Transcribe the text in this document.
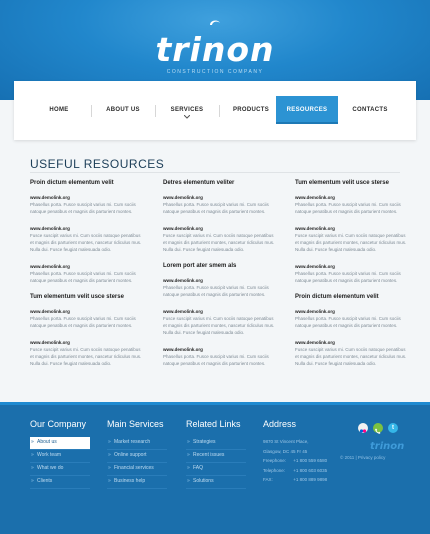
trinon
CONSTRUCTION COMPANY
HOME	ABOUT US	SERVICES	PRODUCTS	RESOURCES	CONTACTS
USEFUL RESOURCES
Proin dictum elementum velit
www.demolink.org
Phasellus porta. Fusce suscipit varius mi. Cum sociis natoque penatibus et magnis dis parturient montes.
www.demolink.org
Fusce suscipit varius mi. Cum sociis natoque penatibus et magnis dis parturient montes, nascetur ridiculus mus. Nulla dui. Fusce feugiat malesuada odio.
www.demolink.org
Phasellus porta. Fusce suscipit varius mi. Cum sociis natoque penatibus et magnis dis parturient montes.
Tum elementum velit usce sterse
www.demolink.org
Phasellus porta. Fusce suscipit varius mi. Cum sociis natoque penatibus et magnis dis parturient montes.
www.demolink.org
Fusce suscipit varius mi. Cum sociis natoque penatibus et magnis dis parturient montes, nascetur ridiculus mus. Nulla dui. Fusce feugiat malesuada odio.
Detres elementum veliter
www.demolink.org
Phasellus porta. Fusce suscipit varius mi. Cum sociis natoque penatibus et magnis dis parturient montes.
www.demolink.org
Fusce suscipit varius mi. Cum sociis natoque penatibus et magnis dis parturient montes, nascetur ridiculus mus. Nulla dui. Fusce feugiat malesuada odio.
Lorem port ater smem als
www.demolink.org
Phasellus porta. Fusce suscipit varius mi. Cum sociis natoque penatibus et magnis dis parturient montes.
www.demolink.org
Fusce suscipit varius mi. Cum sociis natoque penatibus et magnis dis parturient montes, nascetur ridiculus mus. Nulla dui. Fusce feugiat malesuada odio.
www.demolink.org
Phasellus porta. Fusce suscipit varius mi. Cum sociis natoque penatibus et magnis dis parturient montes.
Tum elementum velit usce sterse
www.demolink.org
Phasellus porta. Fusce suscipit varius mi. Cum sociis natoque penatibus et magnis dis parturient montes.
www.demolink.org
Fusce suscipit varius mi. Cum sociis natoque penatibus et magnis dis parturient montes, nascetur ridiculus mus. Nulla dui. Fusce feugiat malesuada odio.
www.demolink.org
Phasellus porta. Fusce suscipit varius mi. Cum sociis natoque penatibus et magnis dis parturient montes.
Proin dictum elementum velit
www.demolink.org
Phasellus porta. Fusce suscipit varius mi. Cum sociis natoque penatibus et magnis dis parturient montes.
www.demolink.org
Fusce suscipit varius mi. Cum sociis natoque penatibus et magnis dis parturient montes, nascetur ridiculus mus. Nulla dui. Fusce feugiat malesuada odio.
Our Company
» About us
» Work team
» What we do
» Clients
Main Services
» Market research
» Online support
» Financial services
» Business help
Related Links
» Strategies
» Recent issues
» FAQ
» Solutions
Address
9870 St Vincent Place,
Glasgow, DC 45 Fr 45
Freephone: +1 800 559 6580
Telephone: +1 800 603 6035
FAX:	+1 800 889 9898
t
trinon
© 2011 | Privacy policy
